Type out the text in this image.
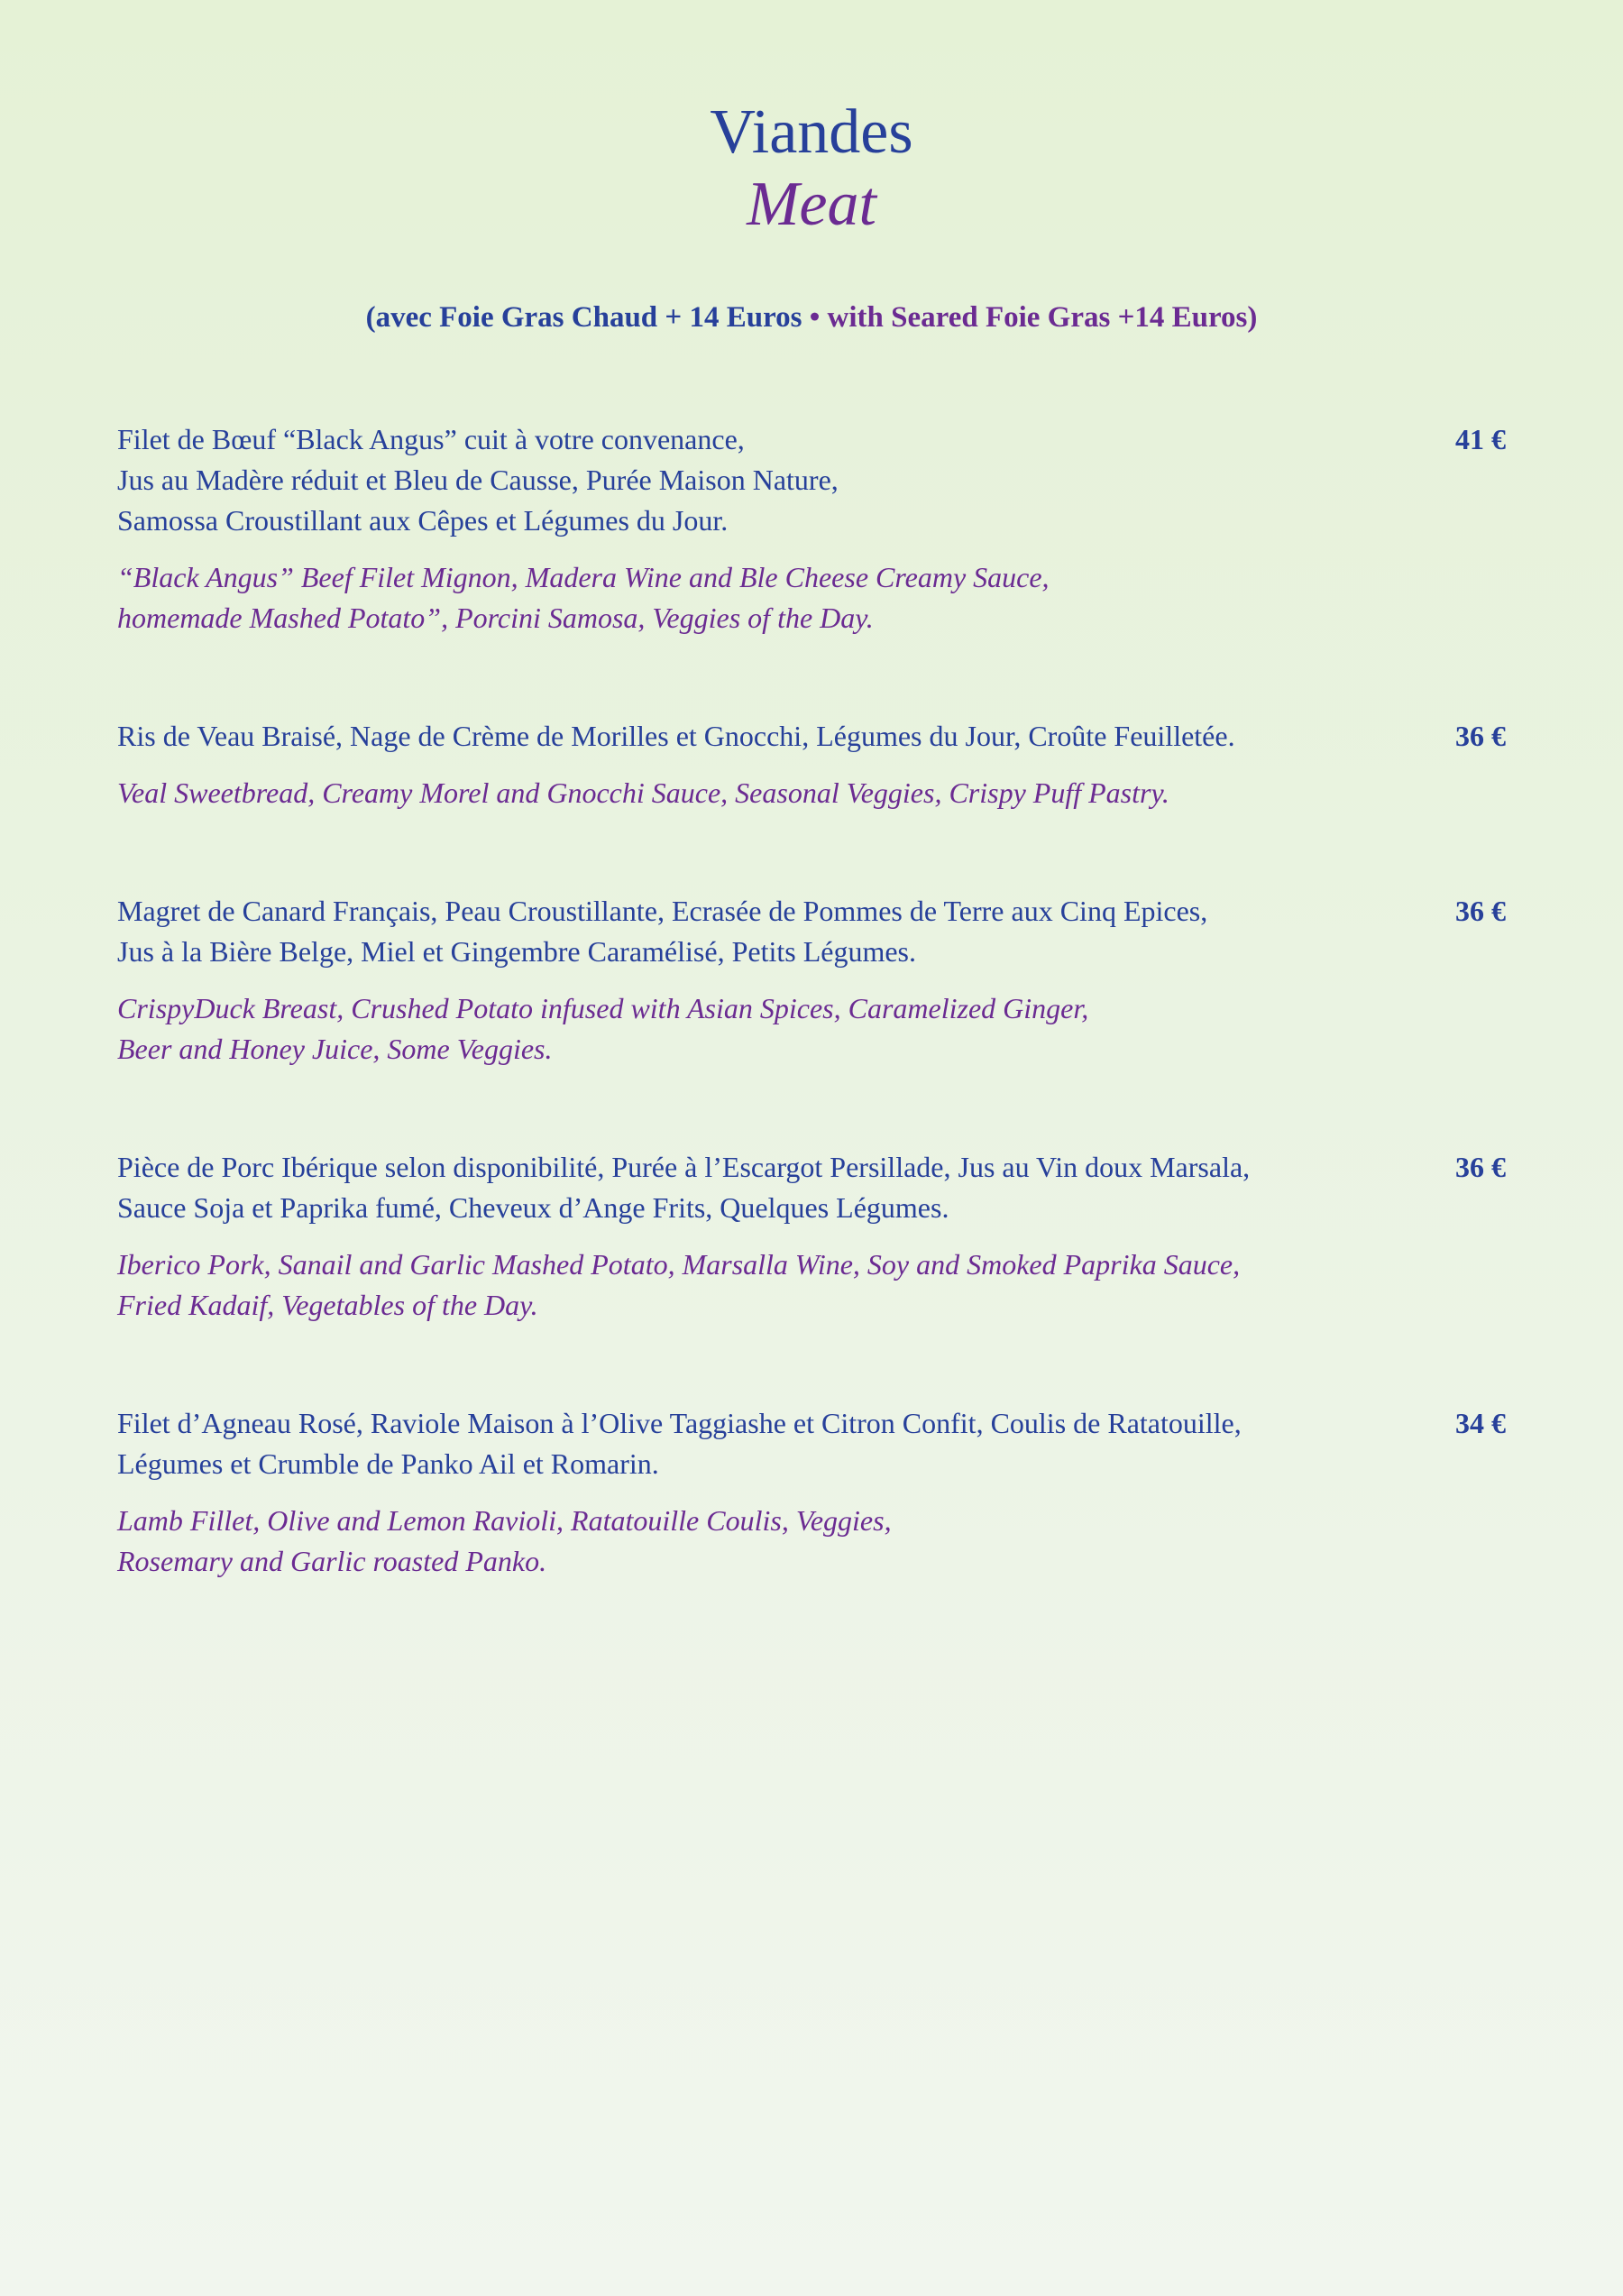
Viandes
Meat
(avec Foie Gras Chaud + 14 Euros • with Seared Foie Gras +14 Euros)
Filet de Bœuf “Black Angus” cuit à votre convenance,
Jus au Madère réduit et Bleu de Causse, Purée Maison Nature,
Samossa Croustillant aux Cêpes et Légumes du Jour.
“Black Angus” Beef Filet Mignon, Madera Wine and Ble Cheese Creamy Sauce,
homemade Mashed Potato”, Porcini Samosa, Veggies of the Day.
41 €
Ris de Veau Braisé, Nage de Crème de Morilles et Gnocchi, Légumes du Jour, Croûte Feuilletée.
Veal Sweetbread, Creamy Morel and Gnocchi Sauce, Seasonal Veggies, Crispy Puff Pastry.
36 €
Magret de Canard Français, Peau Croustillante, Ecrasée de Pommes de Terre aux Cinq Epices,
Jus à la Bière Belge, Miel et Gingembre Caramélisé, Petits Légumes.
CrispyDuck Breast, Crushed Potato infused with Asian Spices, Caramelized Ginger,
Beer and Honey Juice, Some Veggies.
36 €
Pièce de Porc Ibérique selon disponibilité, Purée à l’Escargot Persillade, Jus au Vin doux Marsala,
Sauce Soja et Paprika fumé, Cheveux d’Ange Frits, Quelques Légumes.
Iberico Pork, Sanail and Garlic Mashed Potato, Marsalla Wine, Soy and Smoked Paprika Sauce,
Fried Kadaif, Vegetables of the Day.
36 €
Filet d’Agneau Rosé, Raviole Maison à l’Olive Taggiashe et Citron Confit, Coulis de Ratatouille,
Légumes et Crumble de Panko Ail et Romarin.
Lamb Fillet, Olive and Lemon Ravioli, Ratatouille Coulis, Veggies,
Rosemary and Garlic roasted Panko.
34 €
